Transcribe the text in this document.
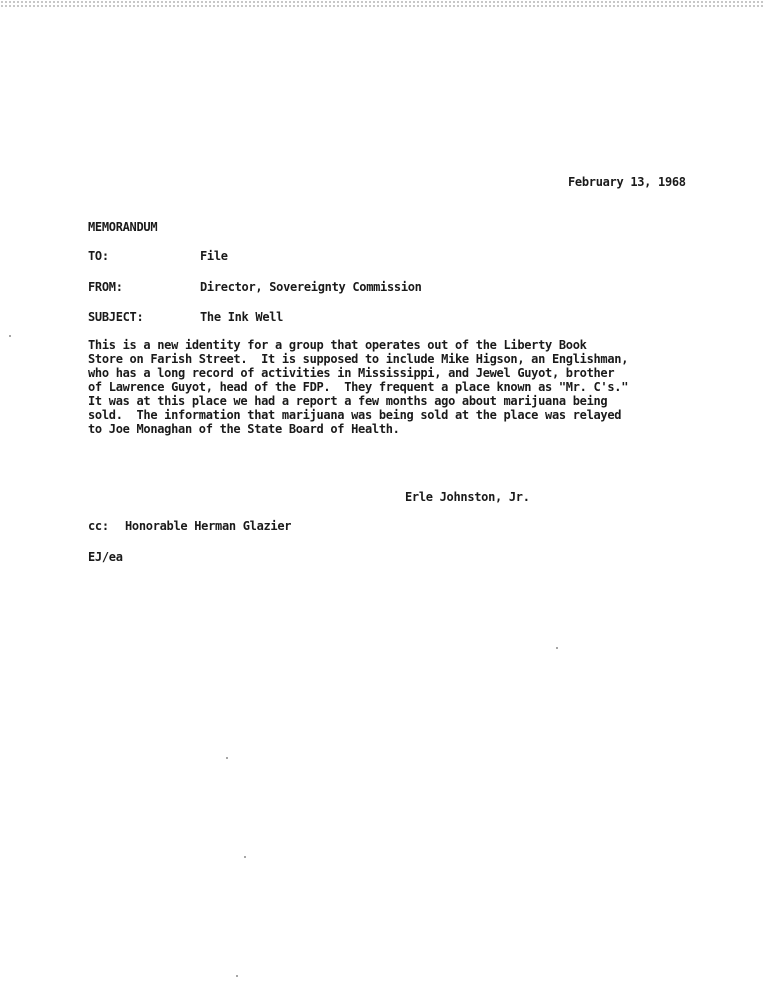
February 13, 1968
MEMORANDUM
TO:	File
FROM:	Director, Sovereignty Commission
SUBJECT:	The Ink Well
This is a new identity for a group that operates out of the Liberty Book
Store on Farish Street.  It is supposed to include Mike Higson, an Englishman,
who has a long record of activities in Mississippi, and Jewel Guyot, brother
of Lawrence Guyot, head of the FDP.  They frequent a place known as "Mr. C's."
It was at this place we had a report a few months ago about marijuana being
sold.  The information that marijuana was being sold at the place was relayed
to Joe Monaghan of the State Board of Health.
Erle Johnston, Jr.
cc: Honorable Herman Glazier
EJ/ea
